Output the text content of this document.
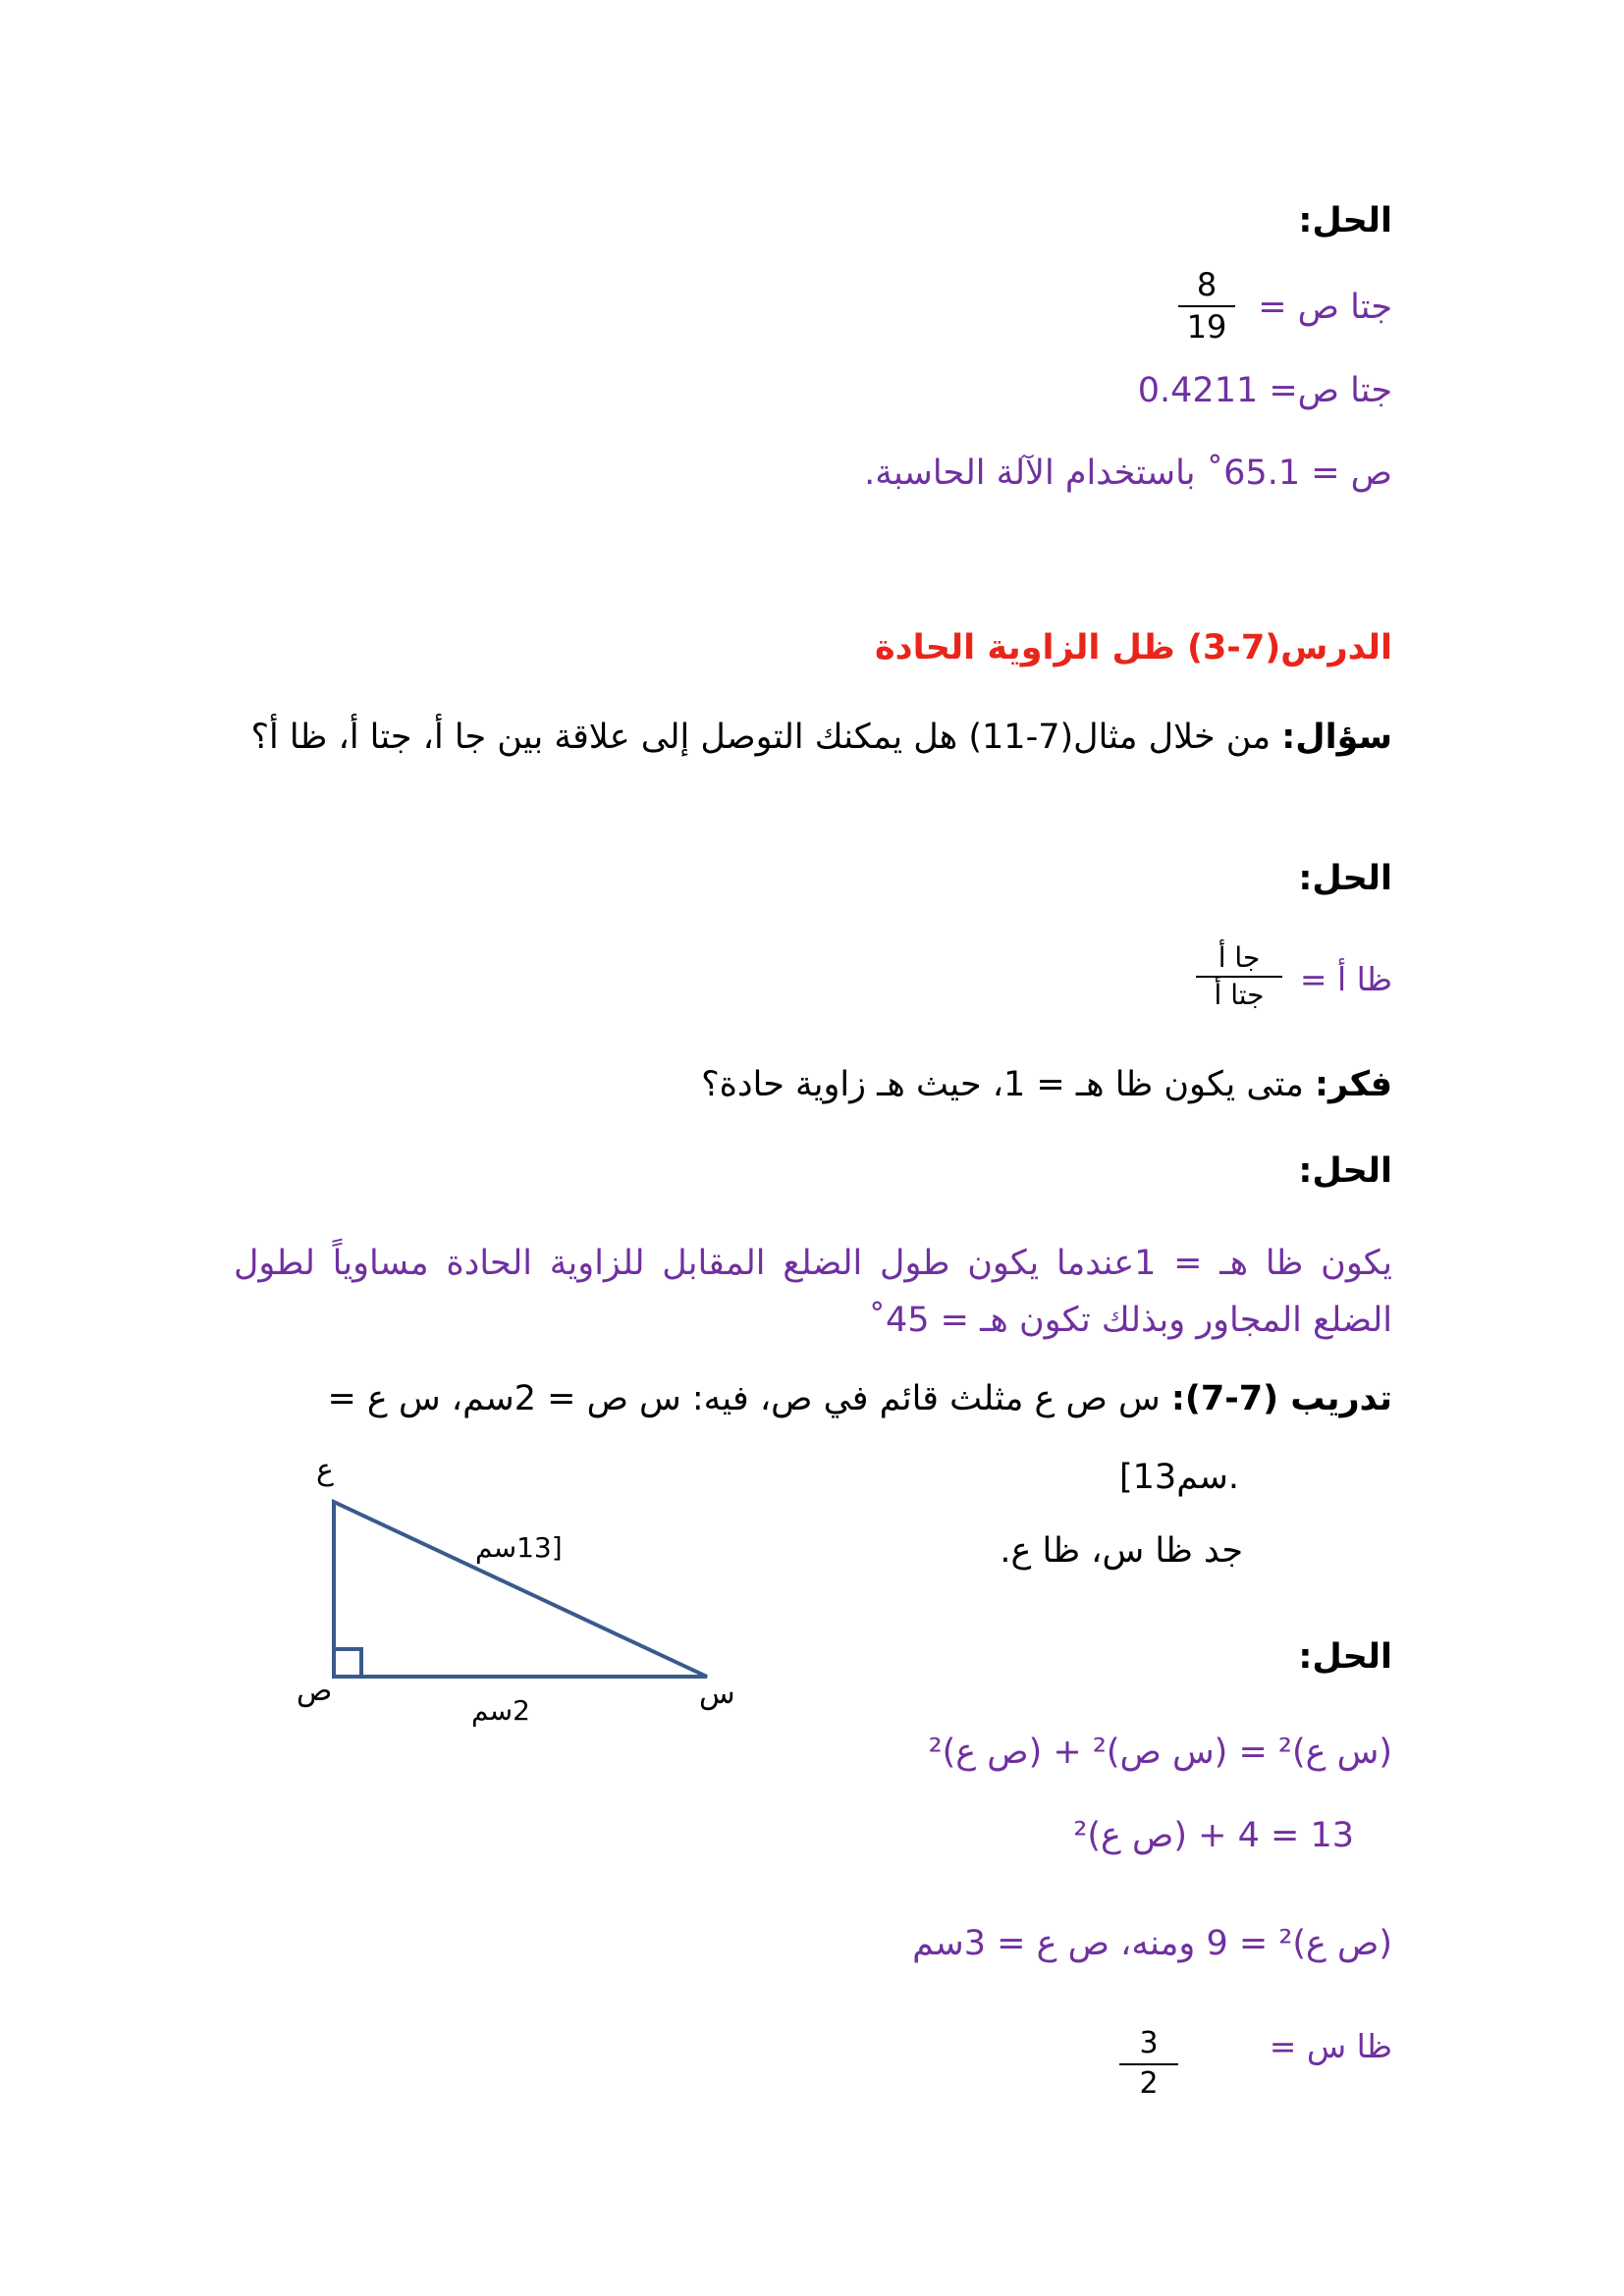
الحل:
جتا ص =
8
19
جتا ص= 0.4211
ص = 65.1˚ باستخدام الآلة الحاسبة.
الدرس(7-3) ظل الزاوية الحادة
سؤال: من خلال مثال(7-11) هل يمكنك التوصل إلى علاقة بين جا أ، جتا أ، ظا أ؟
الحل:
ظا أ =
جا أ
جتا أ
فكر: متى يكون ظا هـ = 1، حيث هـ زاوية حادة؟
الحل:
يكون ظا هـ = 1عندما يكون طول الضلع المقابل للزاوية الحادة مساوياً لطول الضلع المجاور وبذلك تكون هـ = 45˚
تدريب (7-7): س ص ع مثلث قائم في ص، فيه: س ص = 2سم، س ع =
[13سم.
جد ظا س، ظا ع.
ع
ص	س
[13سم
2سم
الحل:
(س ع)² = (س ص)² + (ص ع)²
13 = 4 + (ص ع)²
(ص ع)² = 9 ومنه، ص ع = 3سم
ظا س =
3
2
